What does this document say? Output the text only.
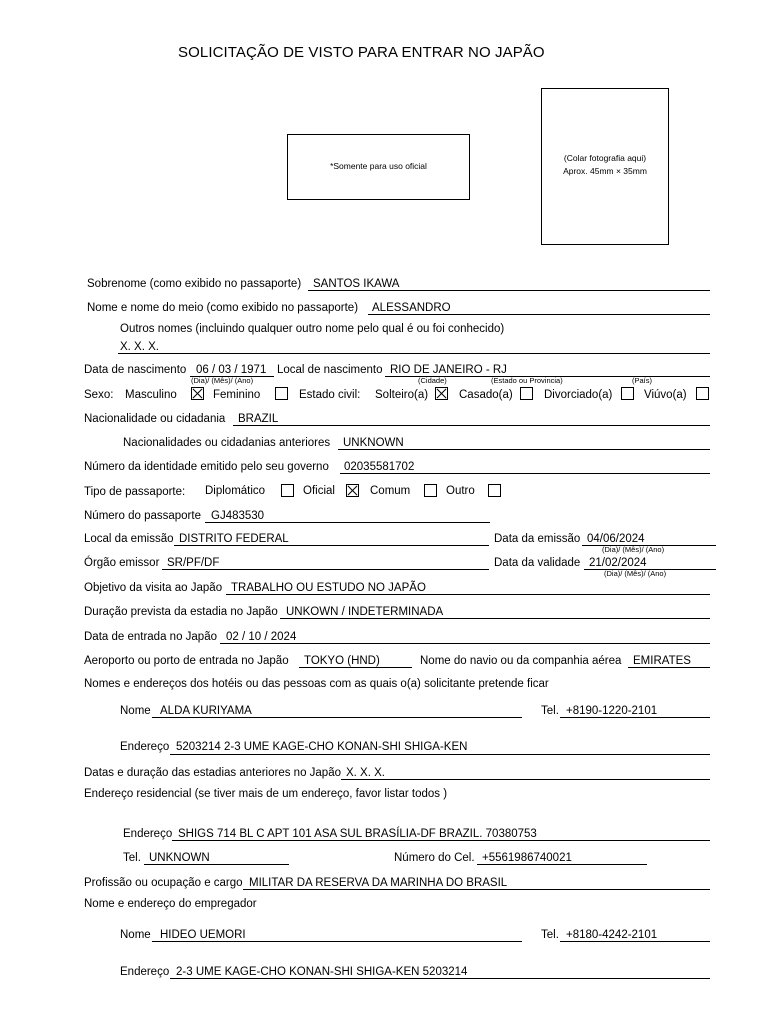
SOLICITAÇÃO DE VISTO PARA ENTRAR NO JAPÃO
*Somente para uso oficial
(Colar fotografia aqui)
Aprox. 45mm × 35mm
Sobrenome (como exibido no passaporte) SANTOS IKAWA
Nome e nome do meio (como exibido no passaporte) ALESSANDRO
Outros nomes (incluindo qualquer outro nome pelo qual é ou foi conhecido)
X. X. X.
Data de nascimento 06 / 03 / 1971 Local de nascimento RIO DE JANEIRO - RJ
(Dia)/ (Mês)/ (Ano)	(Cidade)	(Estado ou Provincia)	(País)
Sexo: Masculino	Feminino	Estado civil: Solteiro(a)	Casado(a)	Divorciado(a)	Viúvo(a)
Nacionalidade ou cidadania BRAZIL
Nacionalidades ou cidadanias anteriores UNKNOWN
Número da identidade emitido pelo seu governo 02035581702
Tipo de passaporte: Diplomático	Oficial	Comum	Outro
Número do passaporte GJ483530
Local da emissão DISTRITO FEDERAL	Data da emissão 04/06/2024
(Dia)/ (Mês)/ (Ano)
Órgão emissor SR/PF/DF	Data da validade 21/02/2024
(Dia)/ (Mês)/ (Ano)
Objetivo da visita ao Japão TRABALHO OU ESTUDO NO JAPÃO
Duração prevista da estadia no Japão UNKOWN / INDETERMINADA
Data de entrada no Japão 02 / 10 / 2024
Aeroporto ou porto de entrada no Japão TOKYO (HND)	Nome do navio ou da companhia aérea EMIRATES
Nomes e endereços dos hotéis ou das pessoas com as quais o(a) solicitante pretende ficar
Nome ALDA KURIYAMA	Tel. +8190-1220-2101
Endereço 5203214 2-3 UME KAGE-CHO KONAN-SHI SHIGA-KEN
Datas e duração das estadias anteriores no Japão X. X. X.
Endereço residencial (se tiver mais de um endereço, favor listar todos )
Endereço SHIGS 714 BL C APT 101 ASA SUL BRASÍLIA-DF BRAZIL. 70380753
Tel. UNKNOWN	Número do Cel. +5561986740021
Profissão ou ocupação e cargo MILITAR DA RESERVA DA MARINHA DO BRASIL
Nome e endereço do empregador
Nome HIDEO UEMORI	Tel. +8180-4242-2101
Endereço 2-3 UME KAGE-CHO KONAN-SHI SHIGA-KEN 5203214
